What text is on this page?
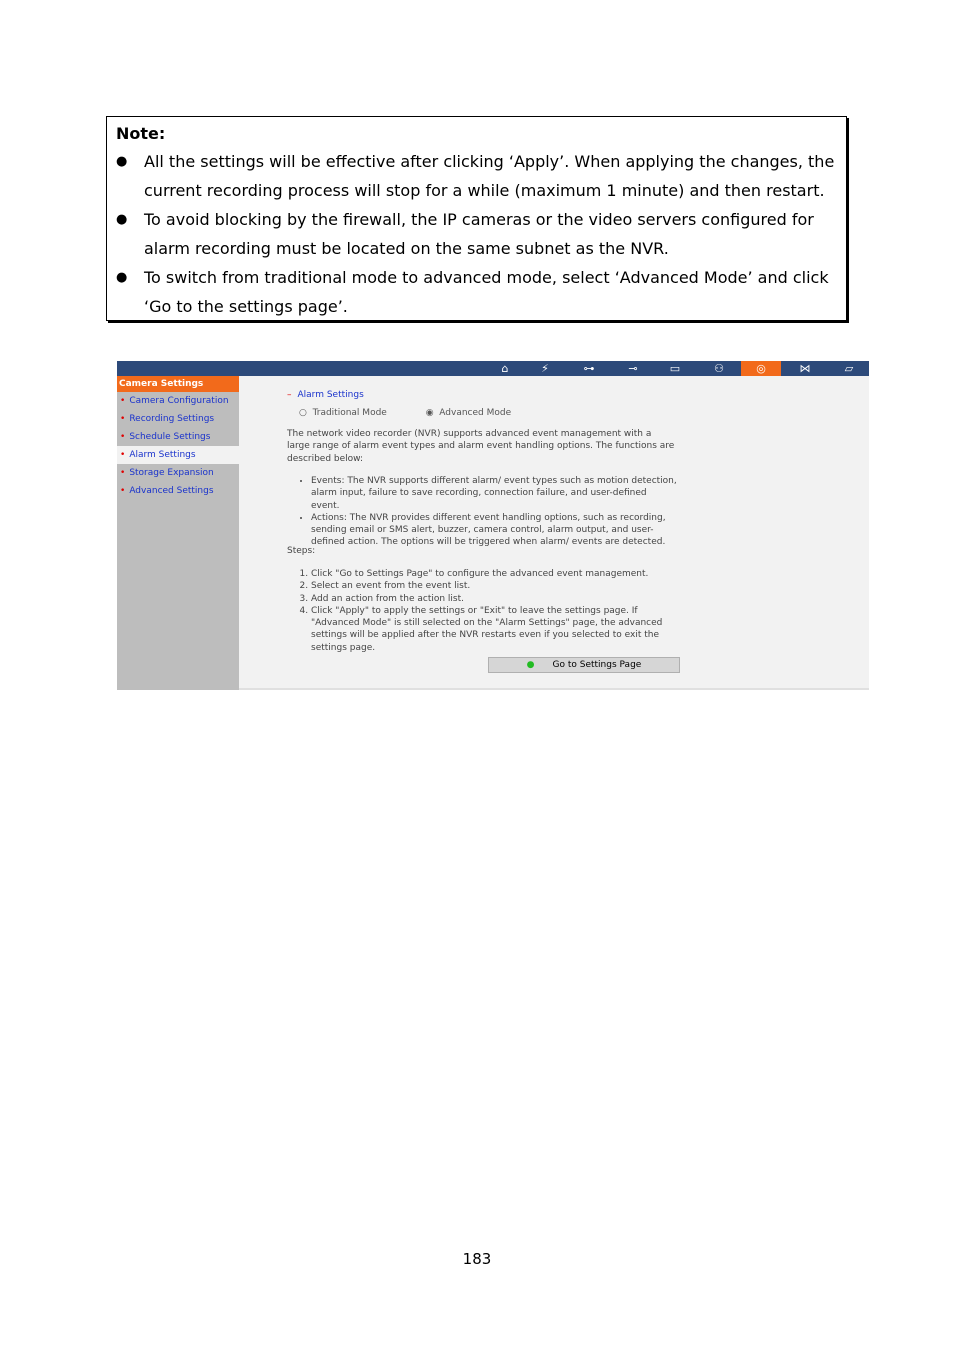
Note:
● All the settings will be effective after clicking ‘Apply’. When applying the changes, the current recording process will stop for a while (maximum 1 minute) and then restart.
● To avoid blocking by the firewall, the IP cameras or the video servers configured for alarm recording must be located on the same subnet as the NVR.
● To switch from traditional mode to advanced mode, select ‘Advanced Mode’ and click ‘Go to the settings page’.
⌂	⚡	⊶	⊸	▭	⚇	◎	⋈	▱
Camera Settings
• Camera Configuration
• Recording Settings
• Schedule Settings
• Alarm Settings
• Storage Expansion
• Advanced Settings
– Alarm Settings
○  Traditional Mode	◉  Advanced Mode
The network video recorder (NVR) supports advanced event management with a large range of alarm event types and alarm event handling options. The functions are described below:
• Events: The NVR supports different alarm/ event types such as motion detection, alarm input, failure to save recording, connection failure, and user-defined event.
• Actions: The NVR provides different event handling options, such as recording, sending email or SMS alert, buzzer, camera control, alarm output, and user-defined action. The options will be triggered when alarm/ events are detected.
Steps:
1. Click "Go to Settings Page" to configure the advanced event management.
2. Select an event from the event list.
3. Add an action from the action list.
4. Click "Apply" to apply the settings or "Exit" to leave the settings page. If "Advanced Mode" is still selected on the "Alarm Settings" page, the advanced settings will be applied after the NVR restarts even if you selected to exit the settings page.
● Go to Settings Page
183
